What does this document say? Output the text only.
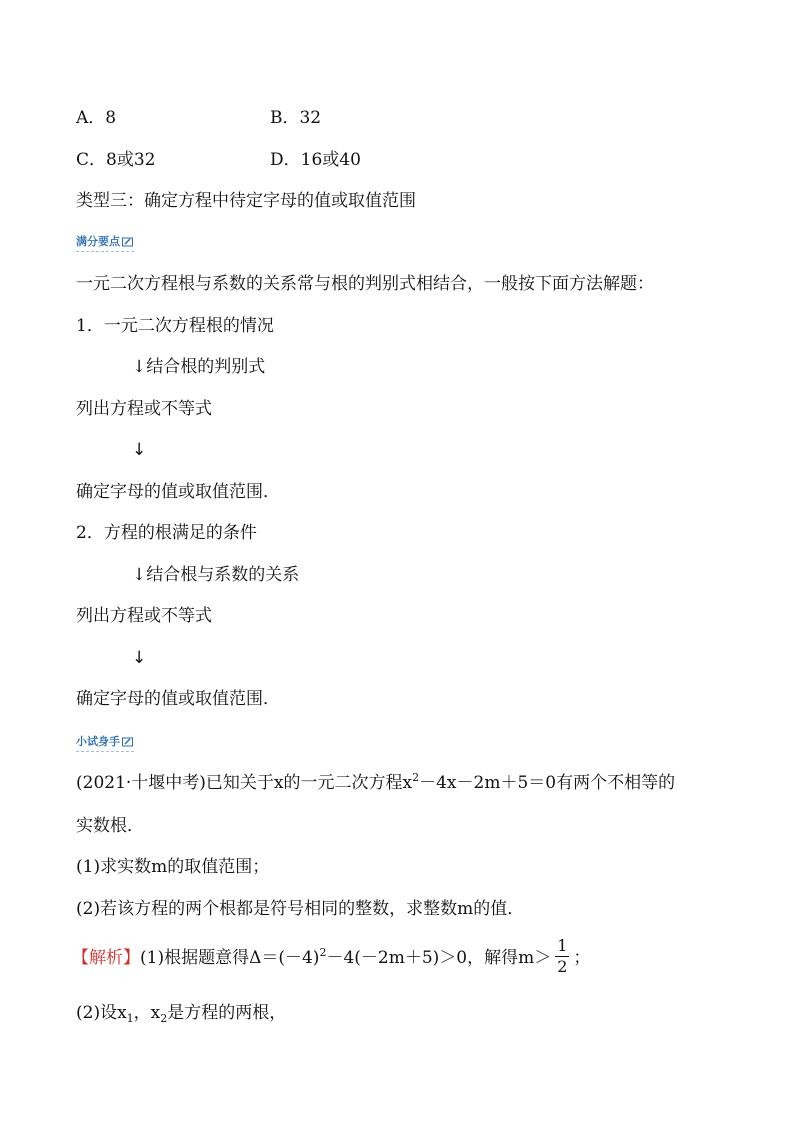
A．8	B．32
C．8或32	D．16或40
类型三：确定方程中待定字母的值或取值范围
满分要点
一元二次方程根与系数的关系常与根的判别式相结合，一般按下面方法解题：
1．一元二次方程根的情况
↓结合根的判别式
列出方程或不等式
↓
确定字母的值或取值范围．
2．方程的根满足的条件
↓结合根与系数的关系
列出方程或不等式
↓
确定字母的值或取值范围．
小试身手
(2021·十堰中考)已知关于x的一元二次方程$x^2-4x-2m+5=0$有两个不相等的
实数根．
(1)求实数m的取值范围；
(2)若该方程的两个根都是符号相同的整数，求整数m的值．
【解析】(1)根据题意得$\Delta=(-4)^2-4(-2m+5)>0$，解得$m> \frac{1}{2}$ ；
(2)设$x_1$，$x_2$是方程的两根，
